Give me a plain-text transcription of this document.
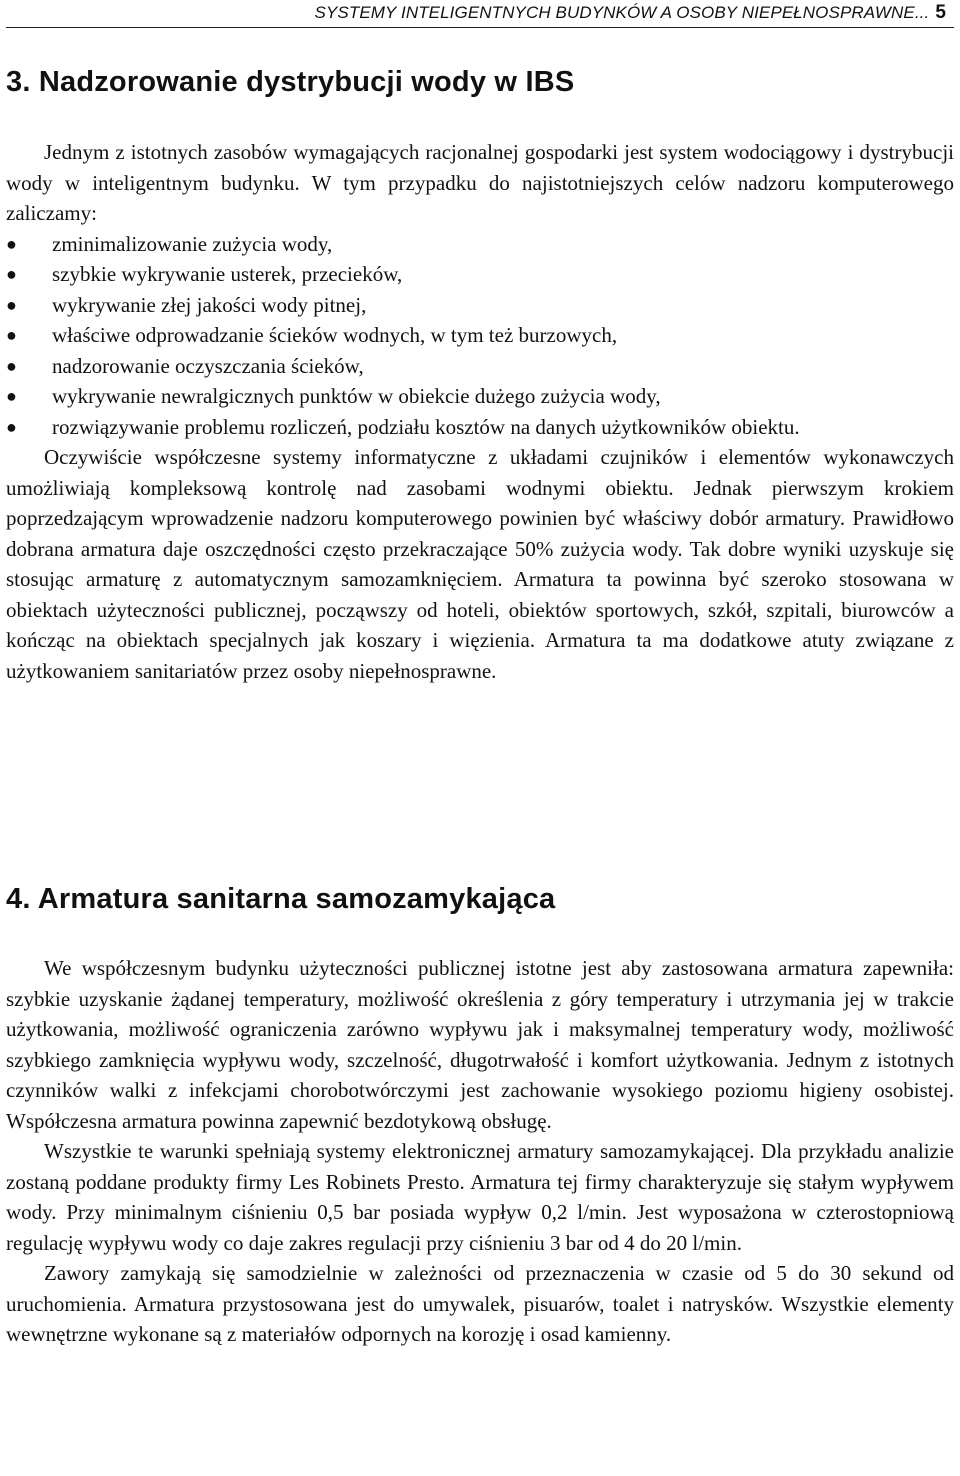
SYSTEMY INTELIGENTNYCH BUDYNKÓW A OSOBY NIEPEŁNOSPRAWNE... 5
3. Nadzorowanie dystrybucji wody w IBS

Jednym z istotnych zasobów wymagających racjonalnej gospodarki jest system wodociągowy i dystrybucji wody w inteligentnym budynku. W tym przypadku do najistotniejszych celów nadzoru komputerowego zaliczamy:

●	zminimalizowanie zużycia wody,
●	szybkie wykrywanie usterek, przecieków,
●	wykrywanie złej jakości wody pitnej,
●	właściwe odprowadzanie ścieków wodnych, w tym też burzowych,
●	nadzorowanie oczyszczania ścieków,
●	wykrywanie newralgicznych punktów w obiekcie dużego zużycia wody,
●	rozwiązywanie problemu rozliczeń, podziału kosztów na danych użytkowników obiektu.

Oczywiście współczesne systemy informatyczne z układami czujników i elementów wykonawczych umożliwiają kompleksową kontrolę nad zasobami wodnymi obiektu. Jednak pierwszym krokiem poprzedzającym wprowadzenie nadzoru komputerowego powinien być właściwy dobór armatury. Prawidłowo dobrana armatura daje oszczędności często przekraczające 50% zużycia wody. Tak dobre wyniki uzyskuje się stosując armaturę z automatycznym samozamknięciem. Armatura ta powinna być szeroko stosowana w obiektach użyteczności publicznej, począwszy od hoteli, obiektów sportowych, szkół, szpitali, biurowców a kończąc na obiektach specjalnych jak koszary i więzienia. Armatura ta ma dodatkowe atuty związane z użytkowaniem sanitariatów przez osoby niepełnosprawne.

4. Armatura sanitarna samozamykająca

We współczesnym budynku użyteczności publicznej istotne jest aby zastosowana armatura zapewniła: szybkie uzyskanie żądanej temperatury, możliwość określenia z góry temperatury i utrzymania jej w trakcie użytkowania, możliwość ograniczenia zarówno wypływu jak i maksymalnej temperatury wody, możliwość szybkiego zamknięcia wypływu wody, szczelność, długotrwałość i komfort użytkowania. Jednym z istotnych czynników walki z infekcjami chorobotwórczymi jest zachowanie wysokiego poziomu higieny osobistej. Współczesna armatura powinna zapewnić bezdotykową obsługę.

Wszystkie te warunki spełniają systemy elektronicznej armatury samozamykającej. Dla przykładu analizie zostaną poddane produkty firmy Les Robinets Presto. Armatura tej firmy charakteryzuje się stałym wypływem wody. Przy minimalnym ciśnieniu 0,5 bar posiada wypływ 0,2 l/min. Jest wyposażona w czterostopniową regulację wypływu wody co daje zakres regulacji przy ciśnieniu 3 bar od 4 do 20 l/min.

Zawory zamykają się samodzielnie w zależności od przeznaczenia w czasie od 5 do 30 sekund od uruchomienia. Armatura przystosowana jest do umywalek, pisuarów, toalet i natrysków. Wszystkie elementy wewnętrzne wykonane są z materiałów odpornych na korozję i osad kamienny.
